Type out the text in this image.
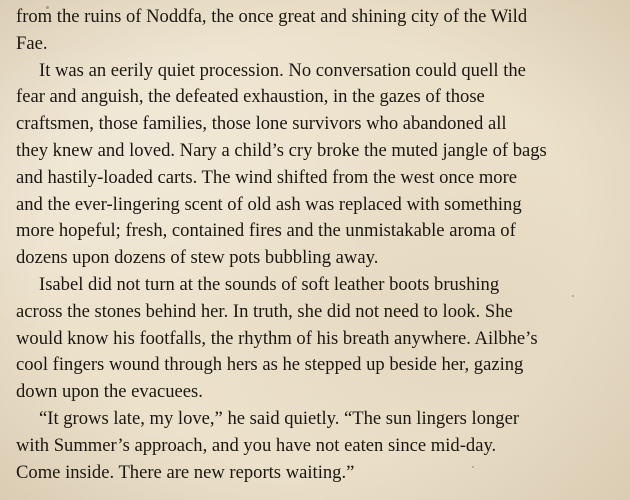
from the ruins of Noddfa, the once great and shining city of the Wild
Fae.
It was an eerily quiet procession. No conversation could quell the
fear and anguish, the defeated exhaustion, in the gazes of those
craftsmen, those families, those lone survivors who abandoned all
they knew and loved. Nary a child’s cry broke the muted jangle of bags
and hastily-loaded carts. The wind shifted from the west once more
and the ever-lingering scent of old ash was replaced with something
more hopeful; fresh, contained fires and the unmistakable aroma of
dozens upon dozens of stew pots bubbling away.
Isabel did not turn at the sounds of soft leather boots brushing
across the stones behind her. In truth, she did not need to look. She
would know his footfalls, the rhythm of his breath anywhere. Ailbhe’s
cool fingers wound through hers as he stepped up beside her, gazing
down upon the evacuees.
“It grows late, my love,” he said quietly. “The sun lingers longer
with Summer’s approach, and you have not eaten since mid-day.
Come inside. There are new reports waiting.”
